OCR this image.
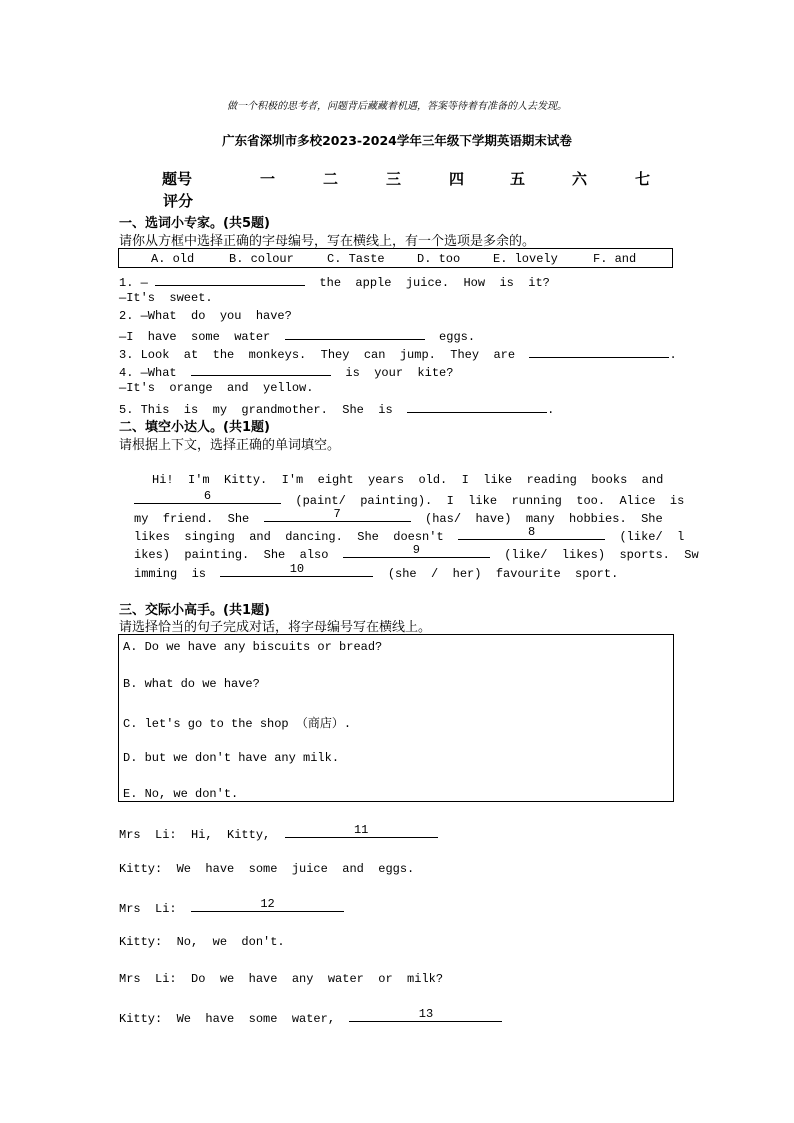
做一个积极的思考者，问题背后藏藏着机遇，答案等待着有准备的人去发现。
广东省深圳市多校2023-2024学年三年级下学期英语期末试卷
题号	一	二	三	四	五	六	七
评分
一、选词小专家。(共5题)
请你从方框中选择正确的字母编号，写在横线上，有一个选项是多余的。
A. old	B. colour	C. Taste	D. too	E. lovely	F. and
1. —	the  apple  juice.  How  is  it?
—It's  sweet.
2. —What  do  you  have?
—I  have  some  water	eggs.
3. Look  at  the  monkeys.  They  can  jump.  They  are	.
4. —What	is  your  kite?
—It's  orange  and  yellow.
5. This  is  my  grandmother.  She  is	.
二、填空小达人。(共1题)
请根据上下文，选择正确的单词填空。
Hi!  I'm  Kitty.  I'm  eight  years  old.  I  like  reading  books  and
6	(paint/  painting).  I  like  running  too.  Alice  is
my  friend.  She	7	(has/  have)  many  hobbies.  She
likes  singing  and  dancing.  She  doesn't	8	(like/  l
ikes)  painting.  She  also	9	(like/  likes)  sports.  Sw
imming  is	10	(she  /  her)  favourite  sport.
三、交际小高手。(共1题)
请选择恰当的句子完成对话，将字母编号写在横线上。
A. Do we have any biscuits or bread?
B. what do we have?
C. let's go to the shop （商店）.
D. but we don't have any milk.
E. No, we don't.
Mrs  Li:  Hi,  Kitty,	11
Kitty:  We  have  some  juice  and  eggs.
Mrs  Li:	12
Kitty:  No,  we  don't.
Mrs  Li:  Do  we  have  any  water  or  milk?
Kitty:  We  have  some  water,	13
